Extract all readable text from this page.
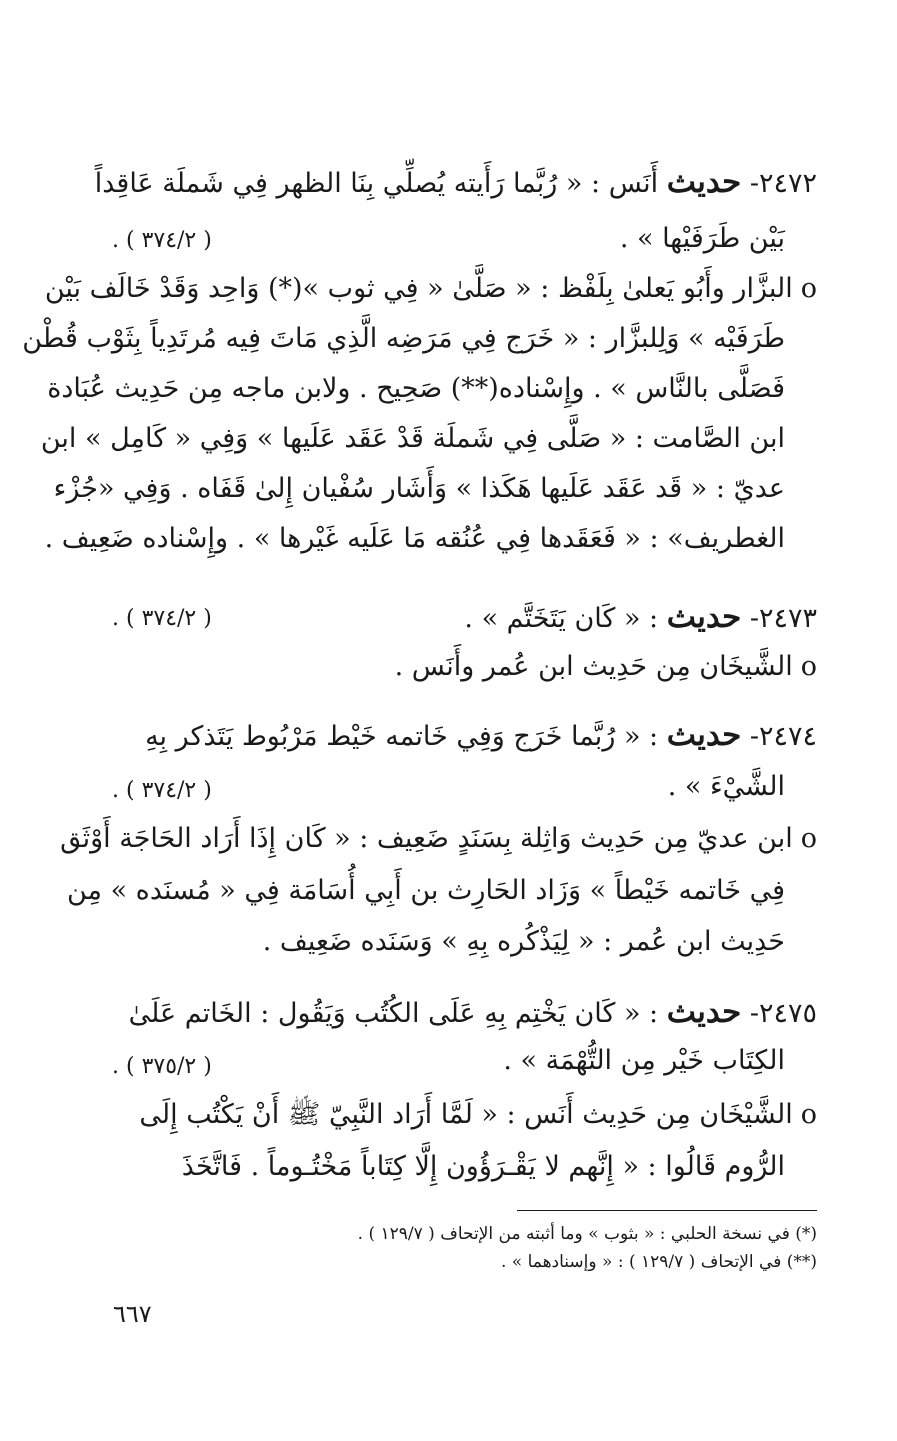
٢٤٧٢- حديث أَنَس : « رُبَّما رَأَيته يُصلِّي بِنَا الظهر فِي شَملَة عَاقِداً
بَيْن طَرَفَيْها » .
( ٣٧٤/٢ ) .
oالبزَّار وأَبُو يَعلىٰ بِلَفْظ : « صَلَّىٰ « فِي ثوب »(*) وَاحِد وَقَدْ خَالَف بَيْن
طَرَفَيْه » وَلِلبزَّار : « خَرَج فِي مَرَضِه الَّذِي مَاتَ فِيه مُرتَدِياً بِثَوْب قُطْن
فَصَلَّى بالنَّاس » . وإِسْناده(**) صَحِيح . ولابن ماجه مِن حَدِيث عُبَادة
ابن الصَّامت : « صَلَّى فِي شَملَة قَدْ عَقَد عَلَيها » وَفِي « كَامِل » ابن
عديّ : « قَد عَقَد عَلَيها هَكَذا » وَأَشَار سُفْيان إِلىٰ قَفَاه . وَفِي «جُزْء
الغطريف» : « فَعَقَدها فِي عُنُقه مَا عَلَيه غَيْرها » . وإِسْناده ضَعِيف .
٢٤٧٣- حديث : « كَان يَتَخَتَّم » .
( ٣٧٤/٢ ) .
oالشَّيخَان مِن حَدِيث ابن عُمر وأَنَس .
٢٤٧٤- حديث : « رُبَّما خَرَج وَفِي خَاتمه خَيْط مَرْبُوط يَتَذكر بِهِ
الشَّيْءَ » .
( ٣٧٤/٢ ) .
oابن عديّ مِن حَدِيث وَاثِلة بِسَنَدٍ ضَعِيف : « كَان إِذَا أَرَاد الحَاجَة أَوْثَق
فِي خَاتمه خَيْطاً » وَزَاد الحَارِث بن أَبِي أُسَامَة فِي « مُسنَده » مِن
حَدِيث ابن عُمر : « لِيَذْكُره بِهِ » وَسَنَده ضَعِيف .
٢٤٧٥- حديث : « كَان يَخْتِم بِهِ عَلَى الكُتُب وَيَقُول : الخَاتم عَلَىٰ
الكِتَاب خَيْر مِن التُّهْمَة » .
( ٣٧٥/٢ ) .
oالشَّيْخَان مِن حَدِيث أَنَس : « لَمَّا أَرَاد النَّبِيّ ﷺ أَنْ يَكْتُب إِلَى
الرُّوم قَالُوا : « إِنَّهم لا يَقْـرَؤُون إِلَّا كِتَاباً مَخْتُـوماً . فَاتَّخَذَ
(*) في نسخة الحلبي : « بثوب » وما أثبته من الإتحاف ( ١٢٩/٧ ) .
(**) في الإتحاف ( ١٢٩/٧ ) : « وإسنادهما » .
٦٦٧
